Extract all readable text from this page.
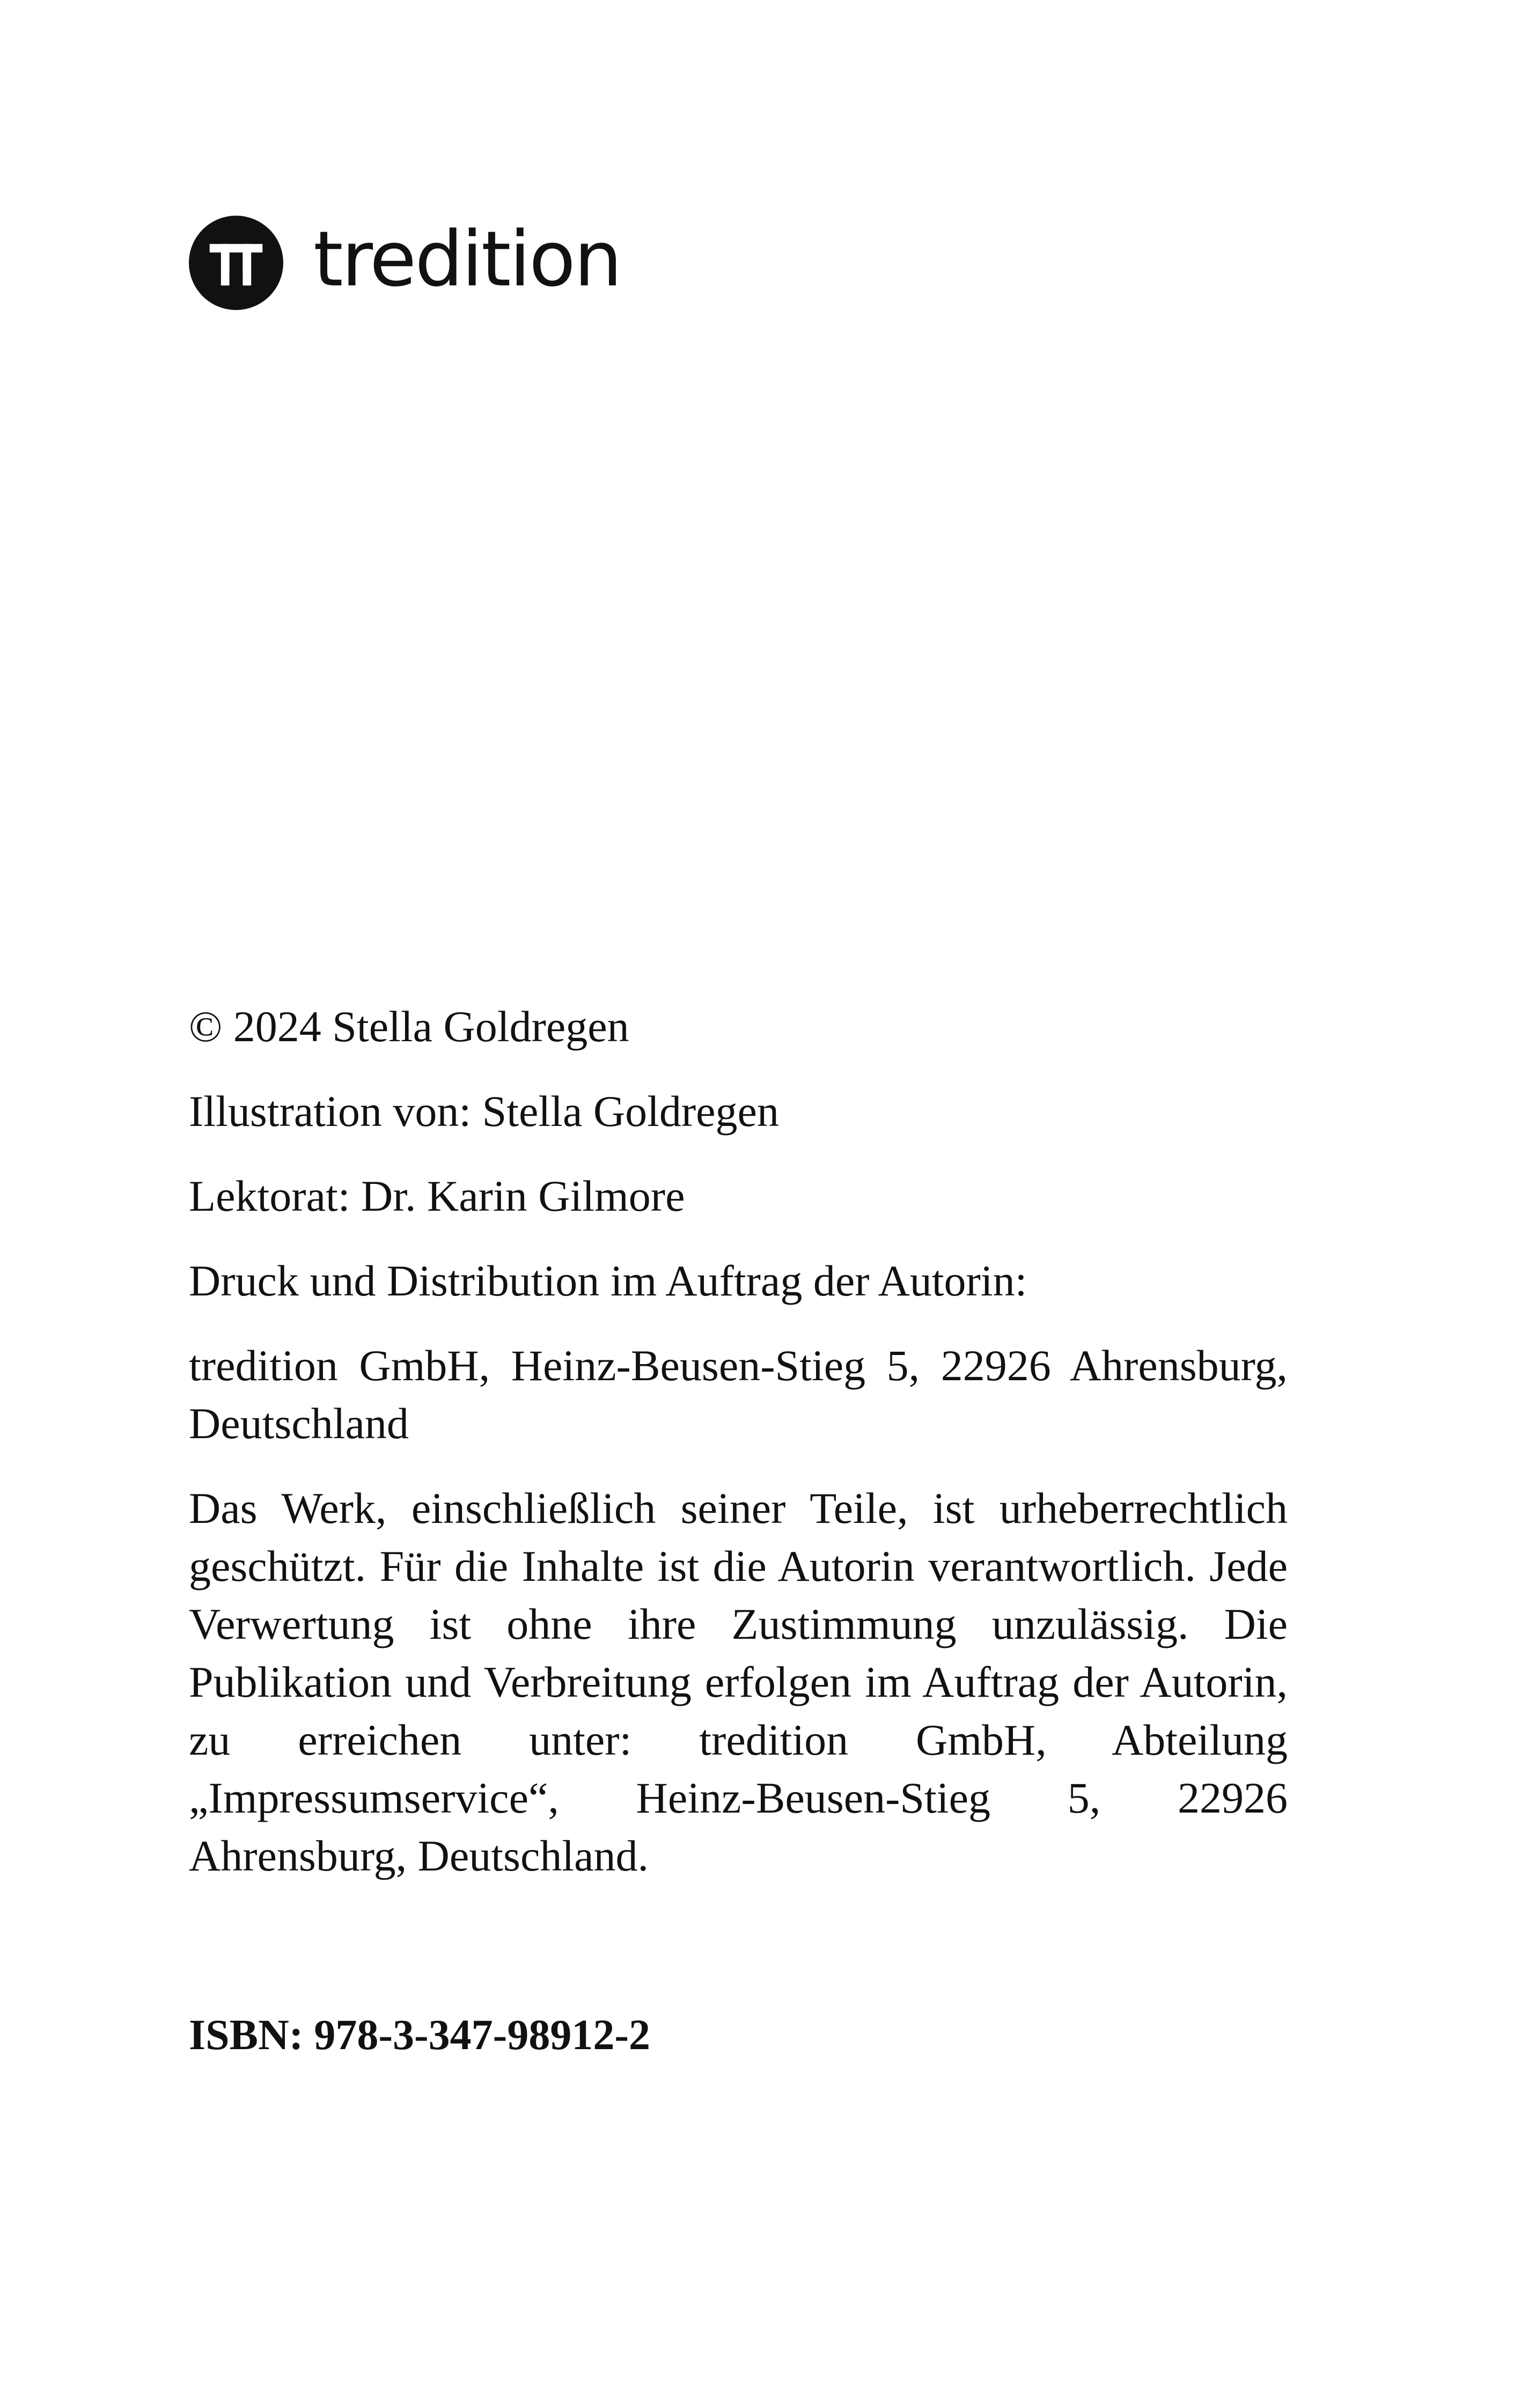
tredition

© 2024 Stella Goldregen

Illustration von: Stella Goldregen

Lektorat: Dr. Karin Gilmore

Druck und Distribution im Auftrag der Autorin:

tredition GmbH, Heinz-Beusen-Stieg 5, 22926 Ahrensburg, Deutschland

Das Werk, einschließlich seiner Teile, ist urheberrechtlich geschützt. Für die Inhalte ist die Autorin verantwortlich. Jede Verwertung ist ohne ihre Zustimmung unzulässig. Die Publikation und Verbreitung erfolgen im Auftrag der Autorin, zu erreichen unter: tredition GmbH, Abteilung „Impressumservice“, Heinz-Beusen-Stieg 5, 22926 Ahrensburg, Deutschland.

ISBN: 978-3-347-98912-2
